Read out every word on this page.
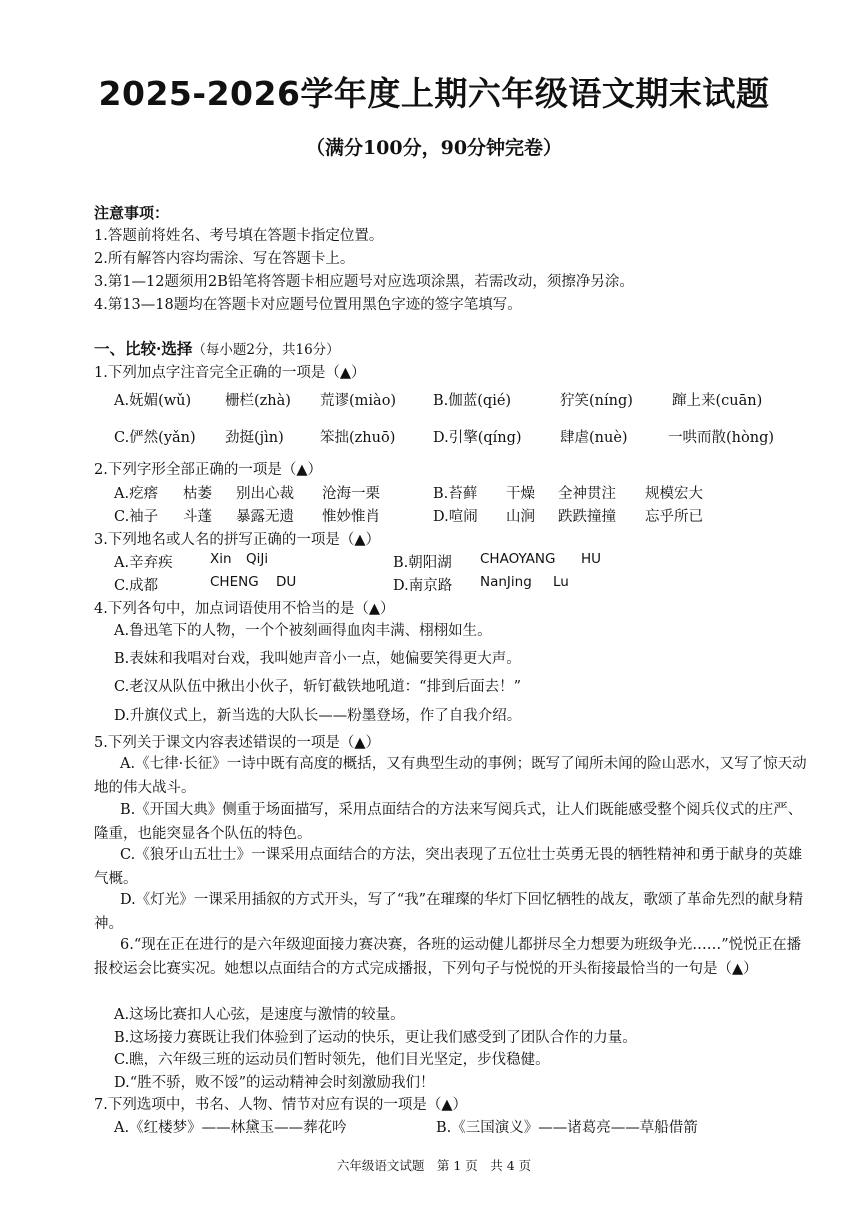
2025-2026学年度上期六年级语文期末试题
（满分100分，90分钟完卷）
注意事项：
1.答题前将姓名、考号填在答题卡指定位置。
2.所有解答内容均需涂、写在答题卡上。
3.第1—12题须用2B铅笔将答题卡相应题号对应选项涂黑，若需改动，须擦净另涂。
4.第13—18题均在答题卡对应题号位置用黑色字迹的签字笔填写。
一、比较·选择（每小题2分，共16分）
1.下列加点字注音完全正确的一项是（▲）
A.妩媚(wǔ) 栅栏(zhà) 荒谬(miào)	B.伽蓝(qié)	狞笑(níng)	蹿上来(cuān)
C.俨然(yǎn) 劲挺(jìn) 笨拙(zhuō)	D.引擎(qíng)	肆虐(nuè)	一哄而散(hòng)
2.下列字形全部正确的一项是（▲）
A.疙瘩 枯萎 别出心裁 沧海一栗	B.苔藓 干燥 全神贯注 规模宏大
C.袖子 斗蓬 暴露无遗 惟妙惟肖	D.喧闹 山涧 跌跌撞撞 忘乎所已
3.下列地名或人名的拼写正确的一项是（▲）
A.辛弃疾	Xin QiJi	B.朝阳湖 CHAOYANG HU
C.成都	CHENG DU	D.南京路 NanJing Lu
4.下列各句中，加点词语使用不恰当的是（▲）
A.鲁迅笔下的人物，一个个被刻画得血肉丰满、栩栩如生。
B.表妹和我唱对台戏，我叫她声音小一点，她偏要笑得更大声。
C.老汉从队伍中揪出小伙子，斩钉截铁地吼道：“排到后面去！”
D.升旗仪式上，新当选的大队长——粉墨登场，作了自我介绍。
5.下列关于课文内容表述错误的一项是（▲）
A.《七律·长征》一诗中既有高度的概括，又有典型生动的事例；既写了闻所未闻的险山恶水，又写了惊天动地的伟大战斗。
B.《开国大典》侧重于场面描写，采用点面结合的方法来写阅兵式，让人们既能感受整个阅兵仪式的庄严、隆重，也能突显各个队伍的特色。
C.《狼牙山五壮士》一课采用点面结合的方法，突出表现了五位壮士英勇无畏的牺牲精神和勇于献身的英雄气概。
D.《灯光》一课采用插叙的方式开头，写了“我”在璀璨的华灯下回忆牺牲的战友，歌颂了革命先烈的献身精神。
6.“现在正在进行的是六年级迎面接力赛决赛，各班的运动健儿都拼尽全力想要为班级争光……”悦悦正在播报校运会比赛实况。她想以点面结合的方式完成播报，下列句子与悦悦的开头衔接最恰当的一句是（▲）
A.这场比赛扣人心弦，是速度与激情的较量。
B.这场接力赛既让我们体验到了运动的快乐，更让我们感受到了团队合作的力量。
C.瞧，六年级三班的运动员们暂时领先，他们目光坚定，步伐稳健。
D.“胜不骄，败不馁”的运动精神会时刻激励我们！
7.下列选项中，书名、人物、情节对应有误的一项是（▲）
A.《红楼梦》——林黛玉——葬花吟	B.《三国演义》——诸葛亮——草船借箭
六年级语文试题　第 1 页　共 4 页
